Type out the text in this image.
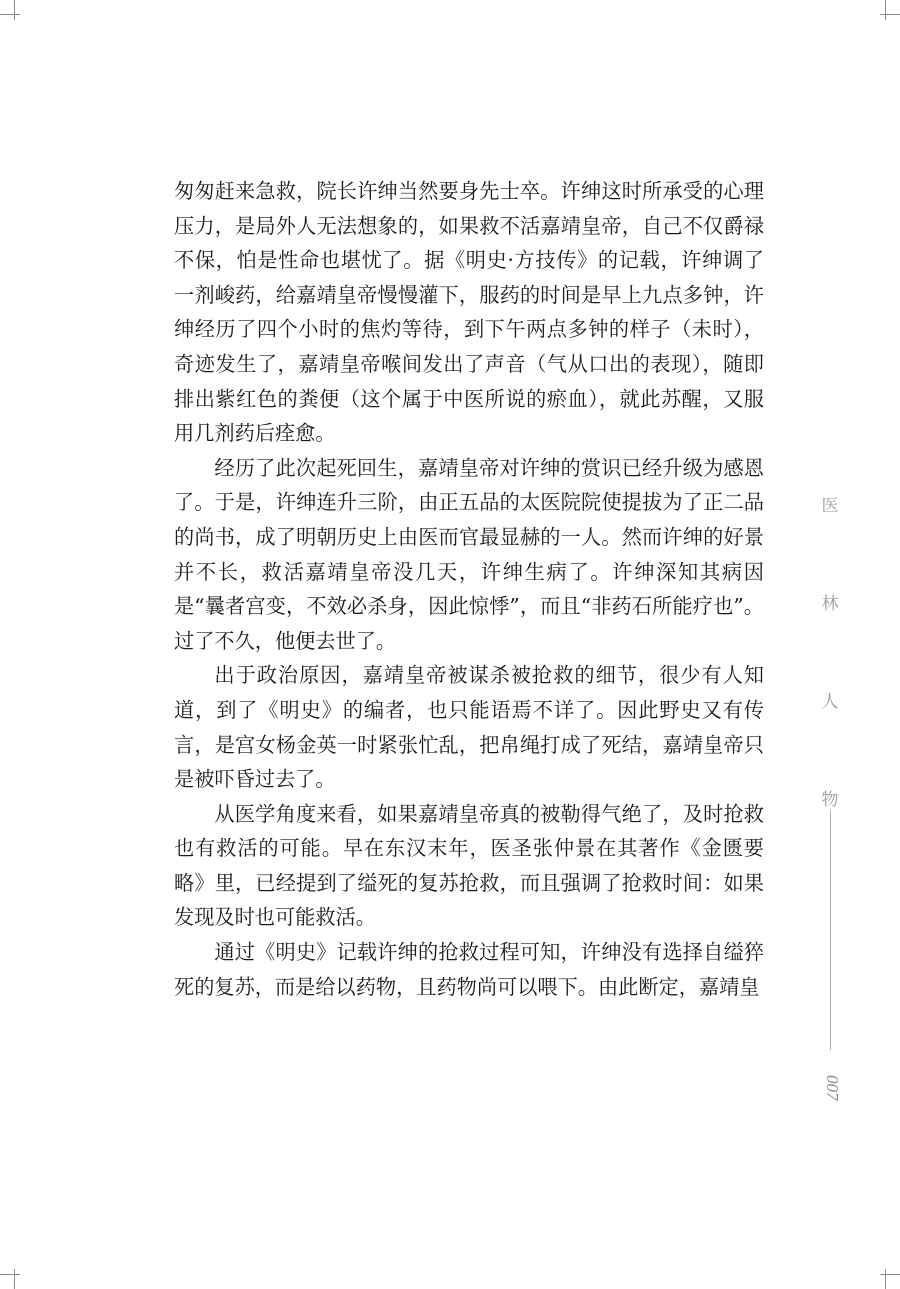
匆匆赶来急救，院长许绅当然要身先士卒。许绅这时所承受的心理压力，是局外人无法想象的，如果救不活嘉靖皇帝，自己不仅爵禄不保，怕是性命也堪忧了。据《明史·方技传》的记载，许绅调了一剂峻药，给嘉靖皇帝慢慢灌下，服药的时间是早上九点多钟，许绅经历了四个小时的焦灼等待，到下午两点多钟的样子（未时），奇迹发生了，嘉靖皇帝喉间发出了声音（气从口出的表现），随即排出紫红色的粪便（这个属于中医所说的瘀血），就此苏醒，又服用几剂药后痊愈。

经历了此次起死回生，嘉靖皇帝对许绅的赏识已经升级为感恩了。于是，许绅连升三阶，由正五品的太医院院使提拔为了正二品的尚书，成了明朝历史上由医而官最显赫的一人。然而许绅的好景并不长，救活嘉靖皇帝没几天，许绅生病了。许绅深知其病因是“曩者宫变，不效必杀身，因此惊悸”，而且“非药石所能疗也”。过了不久，他便去世了。

出于政治原因，嘉靖皇帝被谋杀被抢救的细节，很少有人知道，到了《明史》的编者，也只能语焉不详了。因此野史又有传言，是宫女杨金英一时紧张忙乱，把帛绳打成了死结，嘉靖皇帝只是被吓昏过去了。

从医学角度来看，如果嘉靖皇帝真的被勒得气绝了，及时抢救也有救活的可能。早在东汉末年，医圣张仲景在其著作《金匮要略》里，已经提到了缢死的复苏抢救，而且强调了抢救时间：如果发现及时也可能救活。

通过《明史》记载许绅的抢救过程可知，许绅没有选择自缢猝死的复苏，而是给以药物，且药物尚可以喂下。由此断定，嘉靖皇

医
林
人
物
007
